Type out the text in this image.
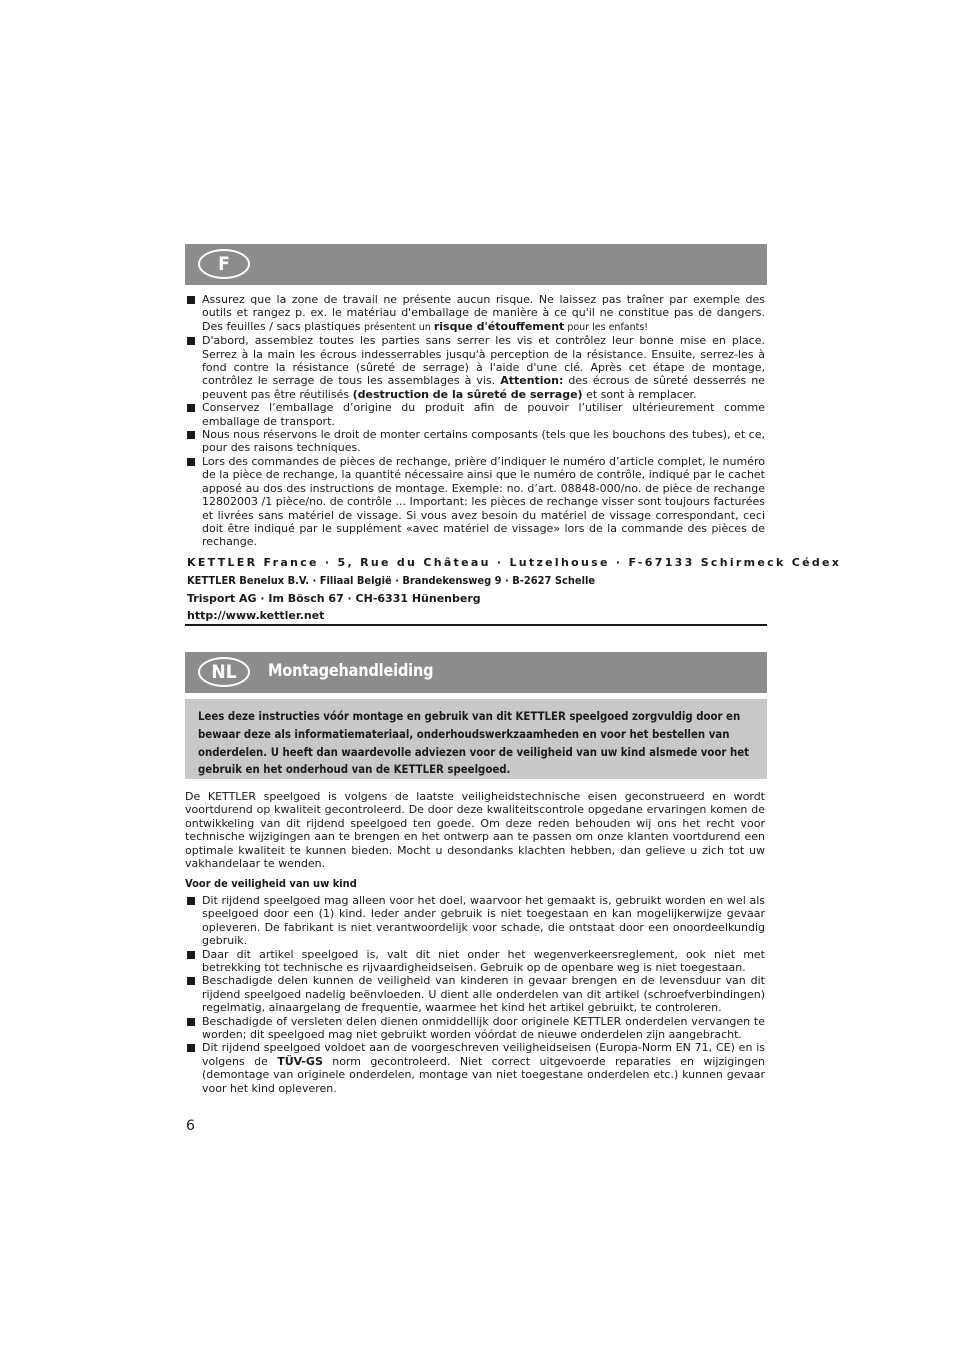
F
Assurez que la zone de travail ne présente aucun risque. Ne laissez pas traîner par exemple des outils et rangez p. ex. le matériau d'emballage de manière à ce qu'il ne constitue pas de dangers. Des feuilles / sacs plastiques présentent un risque d'étouffement pour les enfants!
D'abord, assemblez toutes les parties sans serrer les vis et contrôlez leur bonne mise en place. Serrez à la main les écrous indesserrables jusqu'à perception de la résistance. Ensuite, serrez-les à fond contre la résistance (sûreté de serrage) à l'aide d'une clé. Après cet étape de montage, contrôlez le serrage de tous les assemblages à vis. Attention: des écrous de sûreté desserrés ne peuvent pas être réutilisés (destruction de la sûreté de serrage) et sont à remplacer.
Conservez l’emballage d’origine du produit afin de pouvoir l’utiliser ultérieurement comme emballage de transport.
Nous nous réservons le droit de monter certains composants (tels que les bouchons des tubes), et ce, pour des raisons techniques.
Lors des commandes de pièces de rechange, prière d’indiquer le numéro d’article complet, le numéro de la pièce de rechange, la quantité nécessaire ainsi que le numéro de contrôle, indiqué par le cachet apposé au dos des instructions de montage. Exemple: no. d’art. 08848-000/no. de pièce de rechange 12802003 /1 pièce/no. de contrôle ... Important: les pièces de rechange visser sont toujours facturées et livrées sans matériel de vissage. Si vous avez besoin du matériel de vissage correspondant, ceci doit être indiqué par le supplément «avec matériel de vissage» lors de la commande des pièces de rechange.
KETTLER France · 5, Rue du Château · Lutzelhouse · F-67133 Schirmeck Cédex
KETTLER Benelux B.V. · Filiaal België · Brandekensweg 9 · B-2627 Schelle
Trisport AG · Im Bösch 67 · CH-6331 Hünenberg
http://www.kettler.net
NL	Montagehandleiding
Lees deze instructies vóór montage en gebruik van dit KETTLER speelgoed zorgvuldig door en bewaar deze als informatiemateriaal, onderhoudswerkzaamheden en voor het bestellen van onderdelen. U heeft dan waardevolle adviezen voor de veiligheid van uw kind alsmede voor het gebruik en het onderhoud van de KETTLER speelgoed.

De KETTLER speelgoed is volgens de laatste veiligheidstechnische eisen geconstrueerd en wordt voortdurend op kwaliteit gecontroleerd. De door deze kwaliteitscontrole opgedane ervaringen komen de ontwikkeling van dit rijdend speelgoed ten goede. Om deze reden behouden wij ons het recht voor technische wijzigingen aan te brengen en het ontwerp aan te passen om onze klanten voortdurend een optimale kwaliteit te kunnen bieden. Mocht u desondanks klachten hebben, dan gelieve u zich tot uw vakhandelaar te wenden.

Voor de veiligheid van uw kind
Dit rijdend speelgoed mag alleen voor het doel, waarvoor het gemaakt is, gebruikt worden en wel als speelgoed door een (1) kind. Ieder ander gebruik is niet toegestaan en kan mogelijkerwijze gevaar opleveren. De fabrikant is niet verantwoordelijk voor schade, die ontstaat door een onoordeelkundig gebruik.
Daar dit artikel speelgoed is, valt dit niet onder het wegenverkeersreglement, ook niet met betrekking tot technische es rijvaardigheidseisen. Gebruik op de openbare weg is niet toegestaan.
Beschadigde delen kunnen de veiligheid van kinderen in gevaar brengen en de levensduur van dit rijdend speelgoed nadelig beënvloeden. U dient alle onderdelen van dit artikel (schroefverbindingen) regelmatig, alnaargelang de frequentie, waarmee het kind het artikel gebruikt, te controleren.
Beschadigde of versleten delen dienen onmiddellijk door originele KETTLER onderdelen vervangen te worden; dit speelgoed mag niet gebruikt worden vóórdat de nieuwe onderdelen zijn aangebracht.
Dit rijdend speelgoed voldoet aan de voorgeschreven veiligheidseisen (Europa-Norm EN 71, CE) en is volgens de TÜV-GS norm gecontroleerd. Niet correct uitgevoerde reparaties en wijzigingen (demontage van originele onderdelen, montage van niet toegestane onderdelen etc.) kunnen gevaar voor het kind opleveren.
6
